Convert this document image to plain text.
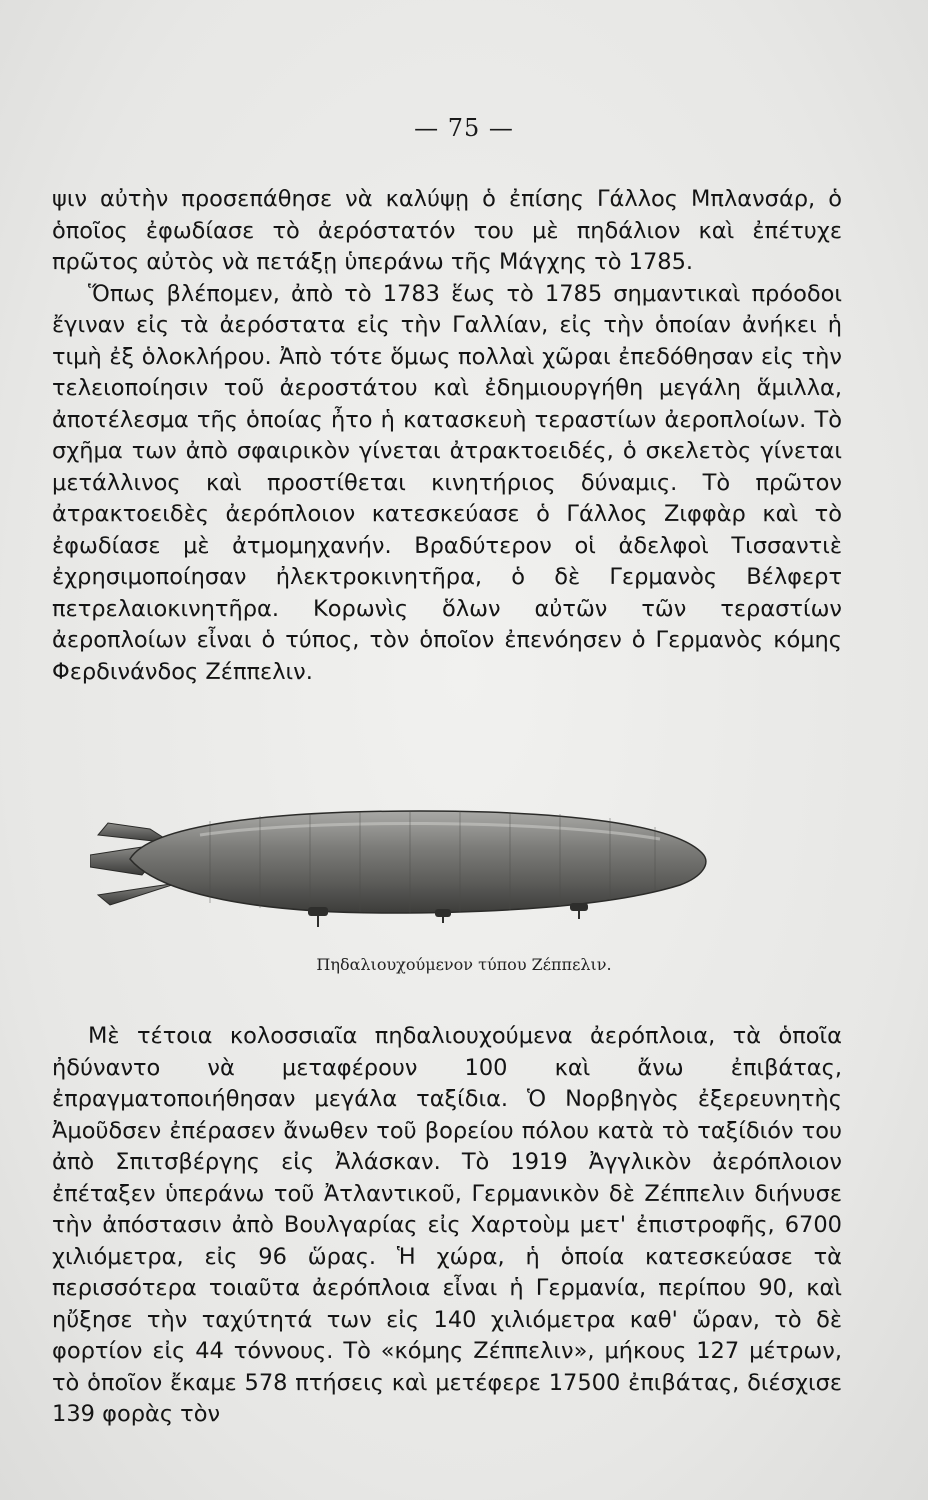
— 75 —

ψιν αὐτὴν προσεπάθησε νὰ καλύψῃ ὁ ἐπίσης Γάλλος Μπλανσάρ, ὁ ὁποῖος ἐφωδίασε τὸ ἀερόστατόν του μὲ πηδάλιον καὶ ἐπέτυχε πρῶτος αὐτὸς νὰ πετάξῃ ὑπεράνω τῆς Μάγχης τὸ 1785.

Ὅπως βλέπομεν, ἀπὸ τὸ 1783 ἕως τὸ 1785 σημαντικαὶ πρόοδοι ἔγιναν εἰς τὰ ἀερόστατα εἰς τὴν Γαλλίαν, εἰς τὴν ὁποίαν ἀνήκει ἡ τιμὴ ἐξ ὁλοκλήρου. Ἀπὸ τότε ὅμως πολλαὶ χῶραι ἐπεδόθησαν εἰς τὴν τελειοποίησιν τοῦ ἀεροστάτου καὶ ἐδημιουργήθη μεγάλη ἅμιλλα, ἀποτέλεσμα τῆς ὁποίας ἦτο ἡ κατασκευὴ τεραστίων ἀεροπλοίων. Τὸ σχῆμα των ἀπὸ σφαιρικὸν γίνεται ἀτρακτοειδές, ὁ σκελετὸς γίνεται μετάλλινος καὶ προστίθεται κινητήριος δύναμις. Τὸ πρῶτον ἀτρακτοειδὲς ἀερόπλοιον κατεσκεύασε ὁ Γάλλος Ζιφφὰρ καὶ τὸ ἐφωδίασε μὲ ἀτμομηχανήν. Βραδύτερον οἱ ἀδελφοὶ Τισσαντιὲ ἐχρησιμοποίησαν ἠλεκτροκινητῆρα, ὁ δὲ Γερμανὸς Βέλφερτ πετρελαιοκινητῆρα. Κορωνὶς ὅλων αὐτῶν τῶν τεραστίων ἀεροπλοίων εἶναι ὁ τύπος, τὸν ὁποῖον ἐπενόησεν ὁ Γερμανὸς κόμης Φερδινάνδος Ζέππελιν.

Πηδαλιουχούμενον τύπου Ζέππελιν.

Μὲ τέτοια κολοσσιαῖα πηδαλιουχούμενα ἀερόπλοια, τὰ ὁποῖα ἠδύναντο νὰ μεταφέρουν 100 καὶ ἄνω ἐπιβάτας, ἐπραγματοποιήθησαν μεγάλα ταξίδια. Ὁ Νορβηγὸς ἐξερευνητὴς Ἀμοῦδσεν ἐπέρασεν ἄνωθεν τοῦ βορείου πόλου κατὰ τὸ ταξίδιόν του ἀπὸ Σπιτσβέργης εἰς Ἀλάσκαν. Τὸ 1919 Ἀγγλικὸν ἀερόπλοιον ἐπέταξεν ὑπεράνω τοῦ Ἀτλαντικοῦ, Γερμανικὸν δὲ Ζέππελιν διήνυσε τὴν ἀπόστασιν ἀπὸ Βουλγαρίας εἰς Χαρτοὺμ μετ' ἐπιστροφῆς, 6700 χιλιόμετρα, εἰς 96 ὥρας. Ἡ χώρα, ἡ ὁποία κατεσκεύασε τὰ περισσότερα τοιαῦτα ἀερόπλοια εἶναι ἡ Γερμανία, περίπου 90, καὶ ηὔξησε τὴν ταχύτητά των εἰς 140 χιλιόμετρα καθ' ὥραν, τὸ δὲ φορτίον εἰς 44 τόννους. Τὸ «κόμης Ζέππελιν», μήκους 127 μέτρων, τὸ ὁποῖον ἔκαμε 578 πτήσεις καὶ μετέφερε 17500 ἐπιβάτας, διέσχισε 139 φορὰς τὸν
